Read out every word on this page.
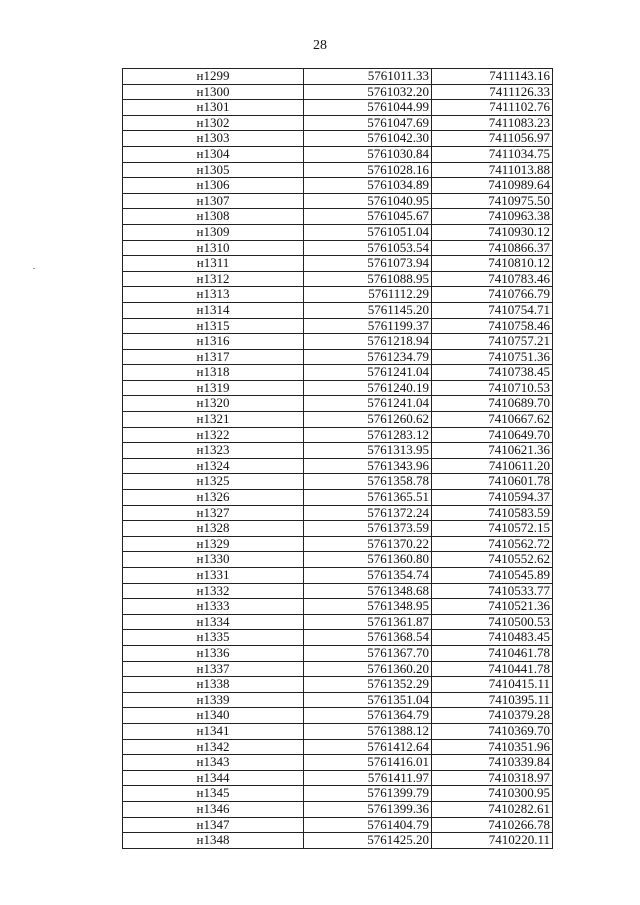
28
н1299	5761011.33	7411143.16
н1300	5761032.20	7411126.33
н1301	5761044.99	7411102.76
н1302	5761047.69	7411083.23
н1303	5761042.30	7411056.97
н1304	5761030.84	7411034.75
н1305	5761028.16	7411013.88
н1306	5761034.89	7410989.64
н1307	5761040.95	7410975.50
н1308	5761045.67	7410963.38
н1309	5761051.04	7410930.12
н1310	5761053.54	7410866.37
н1311	5761073.94	7410810.12
н1312	5761088.95	7410783.46
н1313	5761112.29	7410766.79
н1314	5761145.20	7410754.71
н1315	5761199.37	7410758.46
н1316	5761218.94	7410757.21
н1317	5761234.79	7410751.36
н1318	5761241.04	7410738.45
н1319	5761240.19	7410710.53
н1320	5761241.04	7410689.70
н1321	5761260.62	7410667.62
н1322	5761283.12	7410649.70
н1323	5761313.95	7410621.36
н1324	5761343.96	7410611.20
н1325	5761358.78	7410601.78
н1326	5761365.51	7410594.37
н1327	5761372.24	7410583.59
н1328	5761373.59	7410572.15
н1329	5761370.22	7410562.72
н1330	5761360.80	7410552.62
н1331	5761354.74	7410545.89
н1332	5761348.68	7410533.77
н1333	5761348.95	7410521.36
н1334	5761361.87	7410500.53
н1335	5761368.54	7410483.45
н1336	5761367.70	7410461.78
н1337	5761360.20	7410441.78
н1338	5761352.29	7410415.11
н1339	5761351.04	7410395.11
н1340	5761364.79	7410379.28
н1341	5761388.12	7410369.70
н1342	5761412.64	7410351.96
н1343	5761416.01	7410339.84
н1344	5761411.97	7410318.97
н1345	5761399.79	7410300.95
н1346	5761399.36	7410282.61
н1347	5761404.79	7410266.78
н1348	5761425.20	7410220.11
